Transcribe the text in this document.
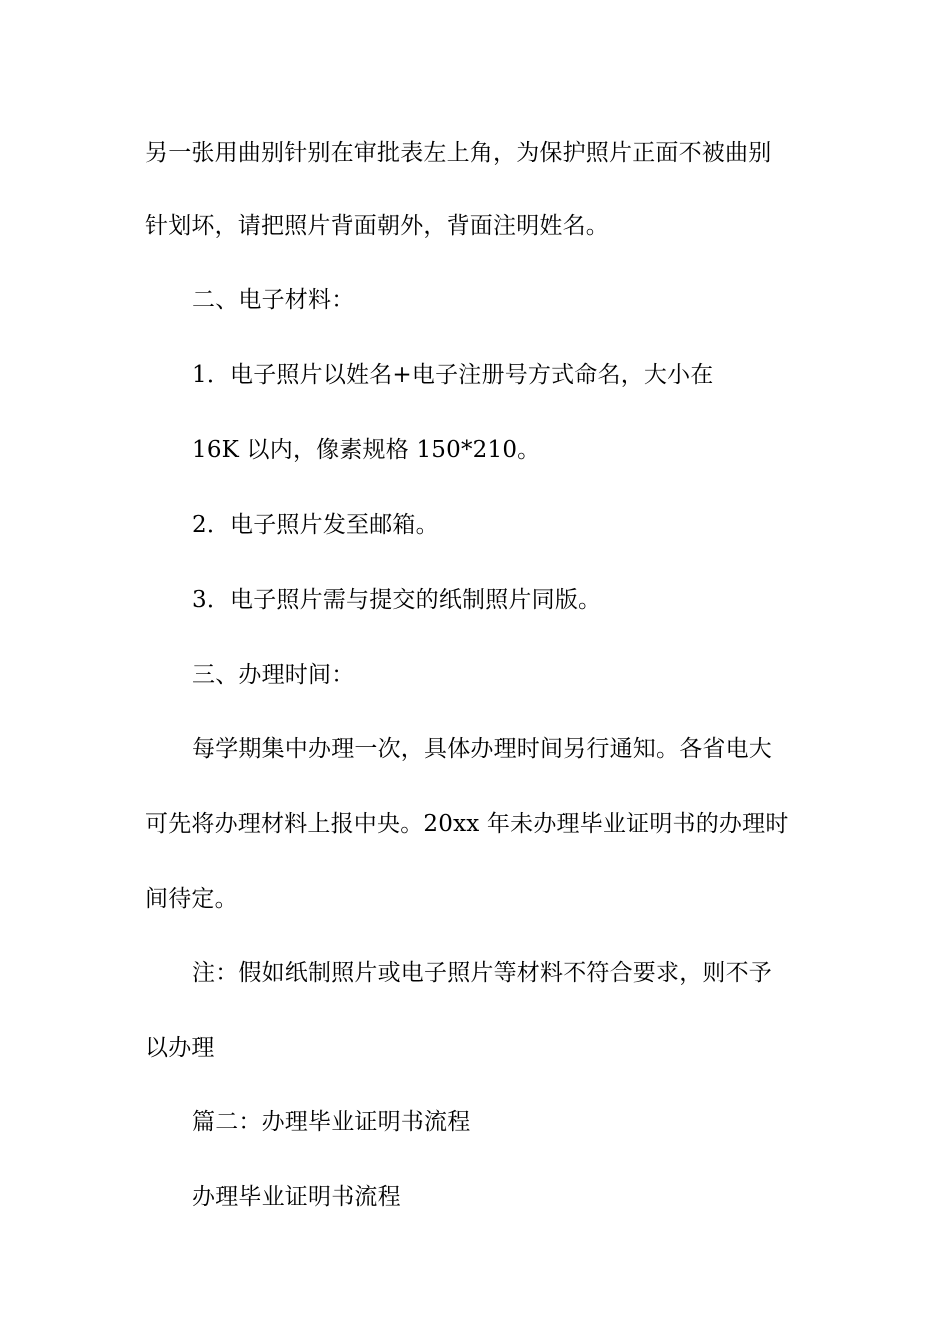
另一张用曲别针别在审批表左上角，为保护照片正面不被曲别
针划坏，请把照片背面朝外，背面注明姓名。
二、电子材料：
1．电子照片以姓名+电子注册号方式命名，大小在
16K 以内，像素规格 150*210。
2．电子照片发至邮箱。
3．电子照片需与提交的纸制照片同版。
三、办理时间：
每学期集中办理一次，具体办理时间另行通知。各省电大
可先将办理材料上报中央。20xx 年未办理毕业证明书的办理时
间待定。
注：假如纸制照片或电子照片等材料不符合要求，则不予
以办理
篇二：办理毕业证明书流程
办理毕业证明书流程
